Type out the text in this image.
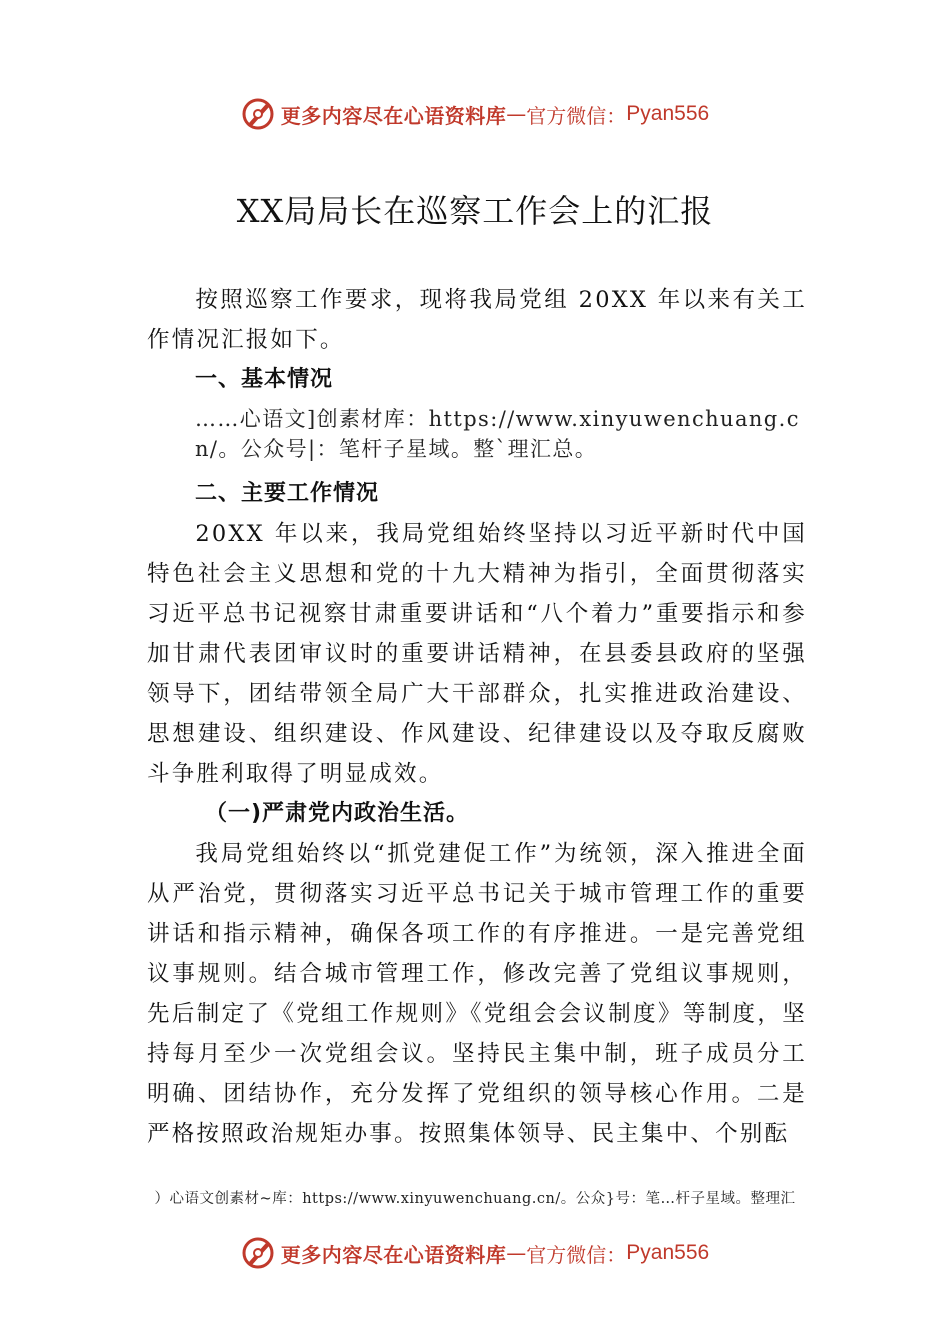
更多内容尽在心语资料库 — 官方微信： Pyan556
XX局局长在巡察工作会上的汇报

按照巡察工作要求，现将我局党组 20XX 年以来有关工作情况汇报如下。

一、基本情况
……心语文]创素材库：https://www.xinyuwenchuang.cn/。公众号|：笔杆子星域。整`理汇总。
二、主要工作情况

20XX 年以来，我局党组始终坚持以习近平新时代中国特色社会主义思想和党的十九大精神为指引，全面贯彻落实习近平总书记视察甘肃重要讲话和“八个着力”重要指示和参加甘肃代表团审议时的重要讲话精神，在县委县政府的坚强领导下，团结带领全局广大干部群众，扎实推进政治建设、思想建设、组织建设、作风建设、纪律建设以及夺取反腐败斗争胜利取得了明显成效。

（一)严肃党内政治生活。

我局党组始终以“抓党建促工作”为统领，深入推进全面从严治党，贯彻落实习近平总书记关于城市管理工作的重要讲话和指示精神，确保各项工作的有序推进。一是完善党组议事规则。结合城市管理工作，修改完善了党组议事规则，先后制定了《党组工作规则》《党组会会议制度》等制度，坚持每月至少一次党组会议。坚持民主集中制，班子成员分工明确、团结协作，充分发挥了党组织的领导核心作用。二是严格按照政治规矩办事。按照集体领导、民主集中、个别酝

）心语文创素材~库：https://www.xinyuwenchuang.cn/。公众}号：笔…杆子星域。整理汇
更多内容尽在心语资料库 — 官方微信： Pyan556
